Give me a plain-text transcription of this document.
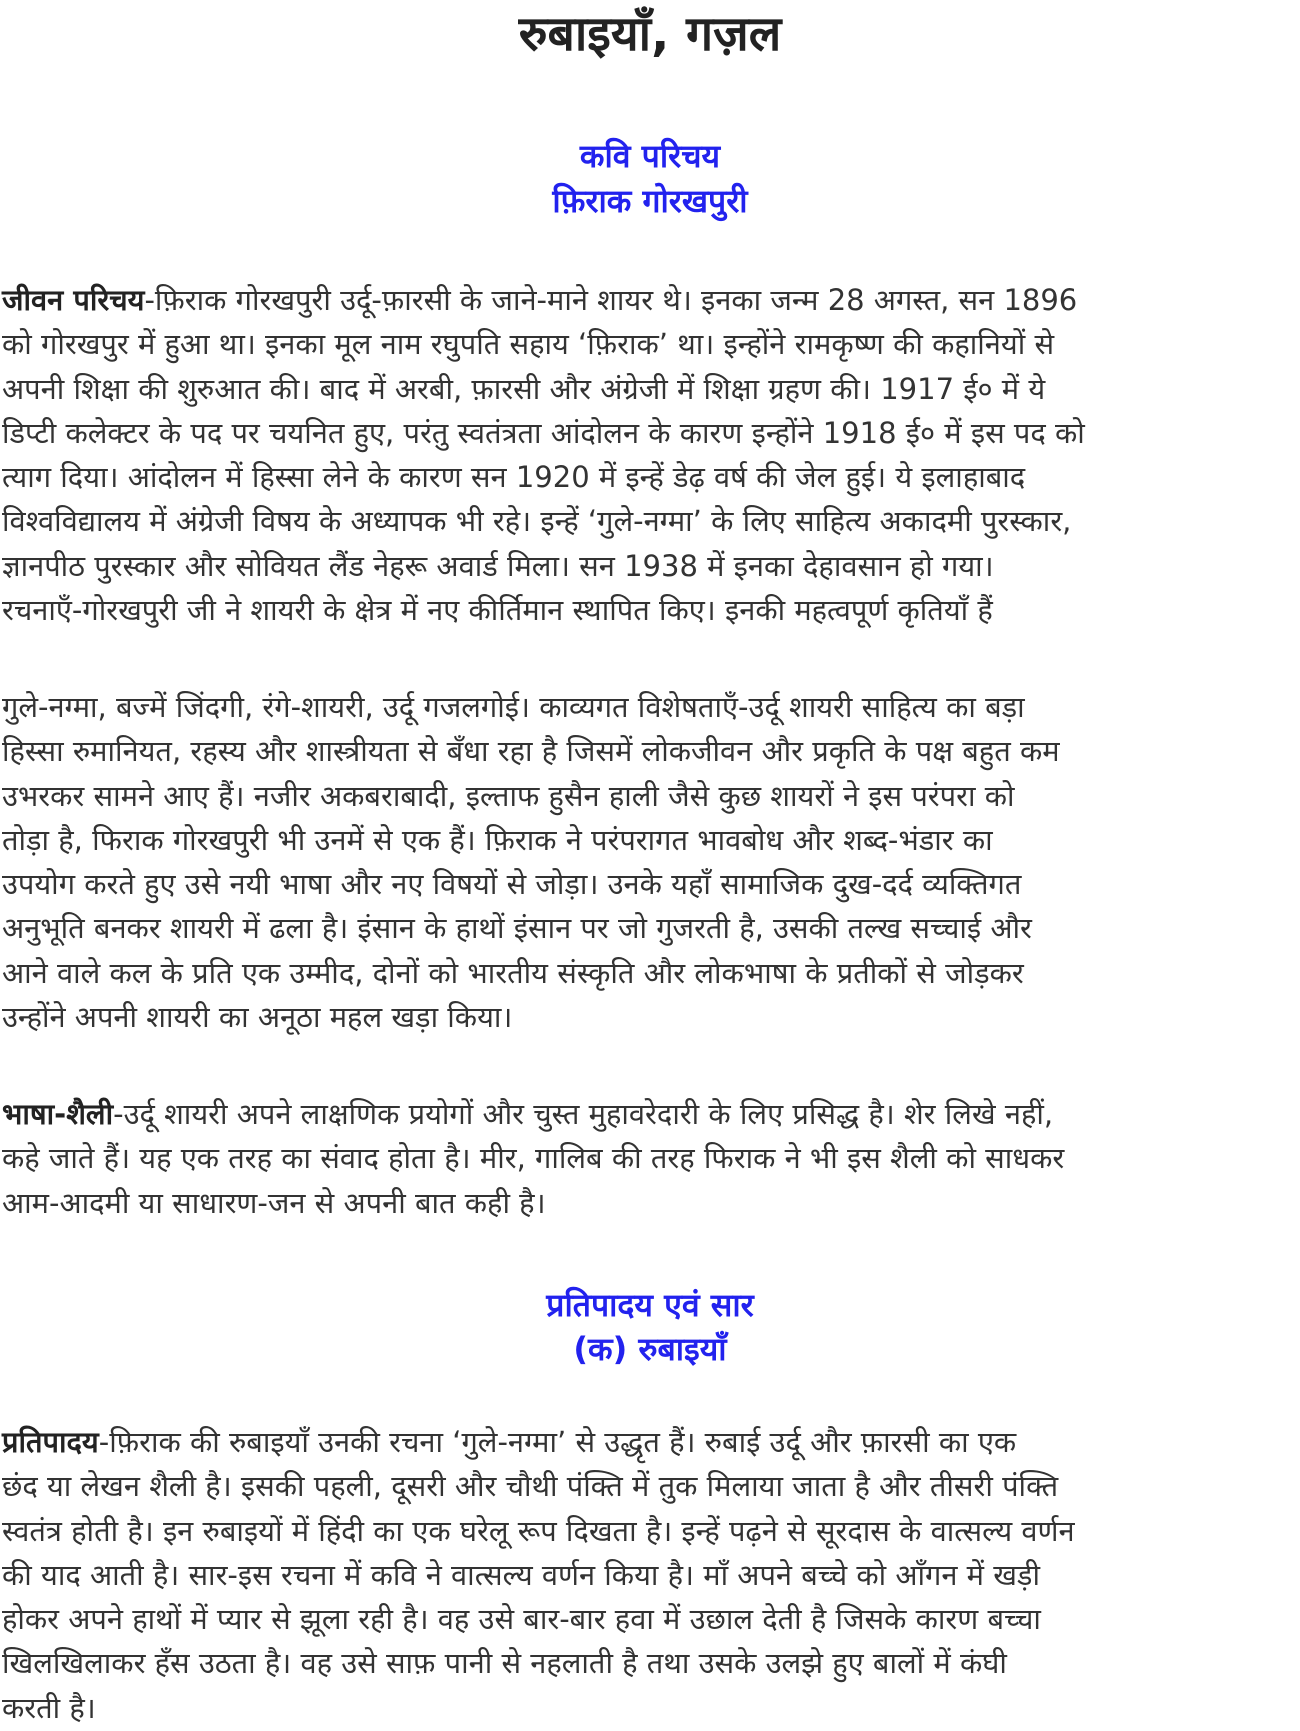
रुबाइयाँ, गज़ल
कवि परिचय
फ़िराक गोरखपुरी
जीवन परिचय-फ़िराक गोरखपुरी उर्दू-फ़ारसी के जाने-माने शायर थे। इनका जन्म 28 अगस्त, सन 1896
को गोरखपुर में हुआ था। इनका मूल नाम रघुपति सहाय ‘फ़िराक’ था। इन्होंने रामकृष्ण की कहानियों से
अपनी शिक्षा की शुरुआत की। बाद में अरबी, फ़ारसी और अंग्रेजी में शिक्षा ग्रहण की। 1917 ई० में ये
डिप्टी कलेक्टर के पद पर चयनित हुए, परंतु स्वतंत्रता आंदोलन के कारण इन्होंने 1918 ई० में इस पद को
त्याग दिया। आंदोलन में हिस्सा लेने के कारण सन 1920 में इन्हें डेढ़ वर्ष की जेल हुई। ये इलाहाबाद
विश्वविद्यालय में अंग्रेजी विषय के अध्यापक भी रहे। इन्हें ‘गुले-नग्मा’ के लिए साहित्य अकादमी पुरस्कार,
ज्ञानपीठ पुरस्कार और सोवियत लैंड नेहरू अवार्ड मिला। सन 1938 में इनका देहावसान हो गया।
रचनाएँ-गोरखपुरी जी ने शायरी के क्षेत्र में नए कीर्तिमान स्थापित किए। इनकी महत्वपूर्ण कृतियाँ हैं
गुले-नग्मा, बज्में जिंदगी, रंगे-शायरी, उर्दू गजलगोई। काव्यगत विशेषताएँ-उर्दू शायरी साहित्य का बड़ा
हिस्सा रुमानियत, रहस्य और शास्त्रीयता से बँधा रहा है जिसमें लोकजीवन और प्रकृति के पक्ष बहुत कम
उभरकर सामने आए हैं। नजीर अकबराबादी, इल्ताफ हुसैन हाली जैसे कुछ शायरों ने इस परंपरा को
तोड़ा है, फिराक गोरखपुरी भी उनमें से एक हैं। फ़िराक ने परंपरागत भावबोध और शब्द-भंडार का
उपयोग करते हुए उसे नयी भाषा और नए विषयों से जोड़ा। उनके यहाँ सामाजिक दुख-दर्द व्यक्तिगत
अनुभूति बनकर शायरी में ढला है। इंसान के हाथों इंसान पर जो गुजरती है, उसकी तल्ख सच्चाई और
आने वाले कल के प्रति एक उम्मीद, दोनों को भारतीय संस्कृति और लोकभाषा के प्रतीकों से जोड़कर
उन्होंने अपनी शायरी का अनूठा महल खड़ा किया।
भाषा-शैली-उर्दू शायरी अपने लाक्षणिक प्रयोगों और चुस्त मुहावरेदारी के लिए प्रसिद्ध है। शेर लिखे नहीं,
कहे जाते हैं। यह एक तरह का संवाद होता है। मीर, गालिब की तरह फिराक ने भी इस शैली को साधकर
आम-आदमी या साधारण-जन से अपनी बात कही है।
प्रतिपादय एवं सार
(क) रुबाइयाँ
प्रतिपादय-फ़िराक की रुबाइयाँ उनकी रचना ‘गुले-नग्मा’ से उद्धृत हैं। रुबाई उर्दू और फ़ारसी का एक
छंद या लेखन शैली है। इसकी पहली, दूसरी और चौथी पंक्ति में तुक मिलाया जाता है और तीसरी पंक्ति
स्वतंत्र होती है। इन रुबाइयों में हिंदी का एक घरेलू रूप दिखता है। इन्हें पढ़ने से सूरदास के वात्सल्य वर्णन
की याद आती है। सार-इस रचना में कवि ने वात्सल्य वर्णन किया है। माँ अपने बच्चे को आँगन में खड़ी
होकर अपने हाथों में प्यार से झूला रही है। वह उसे बार-बार हवा में उछाल देती है जिसके कारण बच्चा
खिलखिलाकर हँस उठता है। वह उसे साफ़ पानी से नहलाती है तथा उसके उलझे हुए बालों में कंघी
करती है।
